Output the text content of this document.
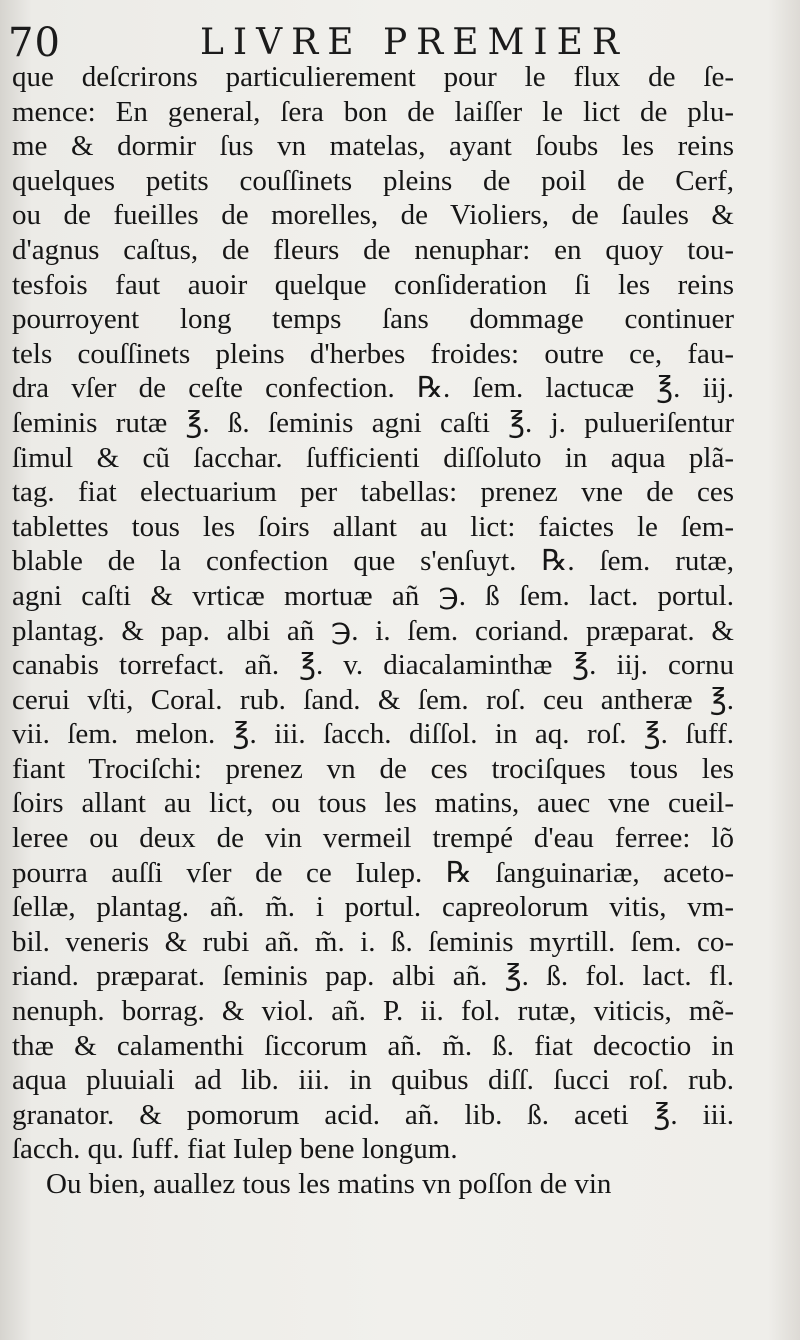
70	LIVRE PREMIER
que deſcrirons particulierement pour le flux de ſe-
mence: En general, ſera bon de laiſſer le lict de plu-
me & dormir ſus vn matelas, ayant ſoubs les reins
quelques petits couſſinets pleins de poil de Cerf,
ou de fueilles de morelles, de Violiers, de ſaules &
d'agnus caſtus, de fleurs de nenuphar: en quoy tou-
tesfois faut auoir quelque conſideration ſi les reins
pourroyent long temps ſans dommage continuer
tels couſſinets pleins d'herbes froides: outre ce, fau-
dra vſer de ceſte confection. ℞. ſem. lactucæ ℥. iij.
ſeminis rutæ ℥. ß. ſeminis agni caſti ℥. j. pulueriſentur
ſimul & cũ ſacchar. ſufficienti diſſoluto in aqua plã-
tag. fiat electuarium per tabellas: prenez vne de ces
tablettes tous les ſoirs allant au lict: faictes le ſem-
blable de la confection que s'enſuyt. ℞. ſem. rutæ,
agni caſti & vrticæ mortuæ añ ℈. ß ſem. lact. portul.
plantag. & pap. albi añ ℈. i. ſem. coriand. præparat. &
canabis torrefact. añ. ℥. v. diacalaminthæ ℥. iij. cornu
cerui vſti, Coral. rub. ſand. & ſem. roſ. ceu antheræ ℥.
vii. ſem. melon. ℥. iii. ſacch. diſſol. in aq. roſ. ℥. ſuff.
fiant Trociſchi: prenez vn de ces trociſques tous les
ſoirs allant au lict, ou tous les matins, auec vne cueil-
leree ou deux de vin vermeil trempé d'eau ferree: lõ
pourra auſſi vſer de ce Iulep. ℞ ſanguinariæ, aceto-
ſellæ, plantag. añ. m̃. i portul. capreolorum vitis, vm-
bil. veneris & rubi añ. m̃. i. ß. ſeminis myrtill. ſem. co-
riand. præparat. ſeminis pap. albi añ. ℥. ß. fol. lact. fl.
nenuph. borrag. & viol. añ. P. ii. fol. rutæ, viticis, mẽ-
thæ & calamenthi ſiccorum añ. m̃. ß. fiat decoctio in
aqua pluuiali ad lib. iii. in quibus diſſ. ſucci roſ. rub.
granator. & pomorum acid. añ. lib. ß. aceti ℥. iii.
ſacch. qu. ſuff. fiat Iulep bene longum.
Ou bien, auallez tous les matins vn poſſon de vin
